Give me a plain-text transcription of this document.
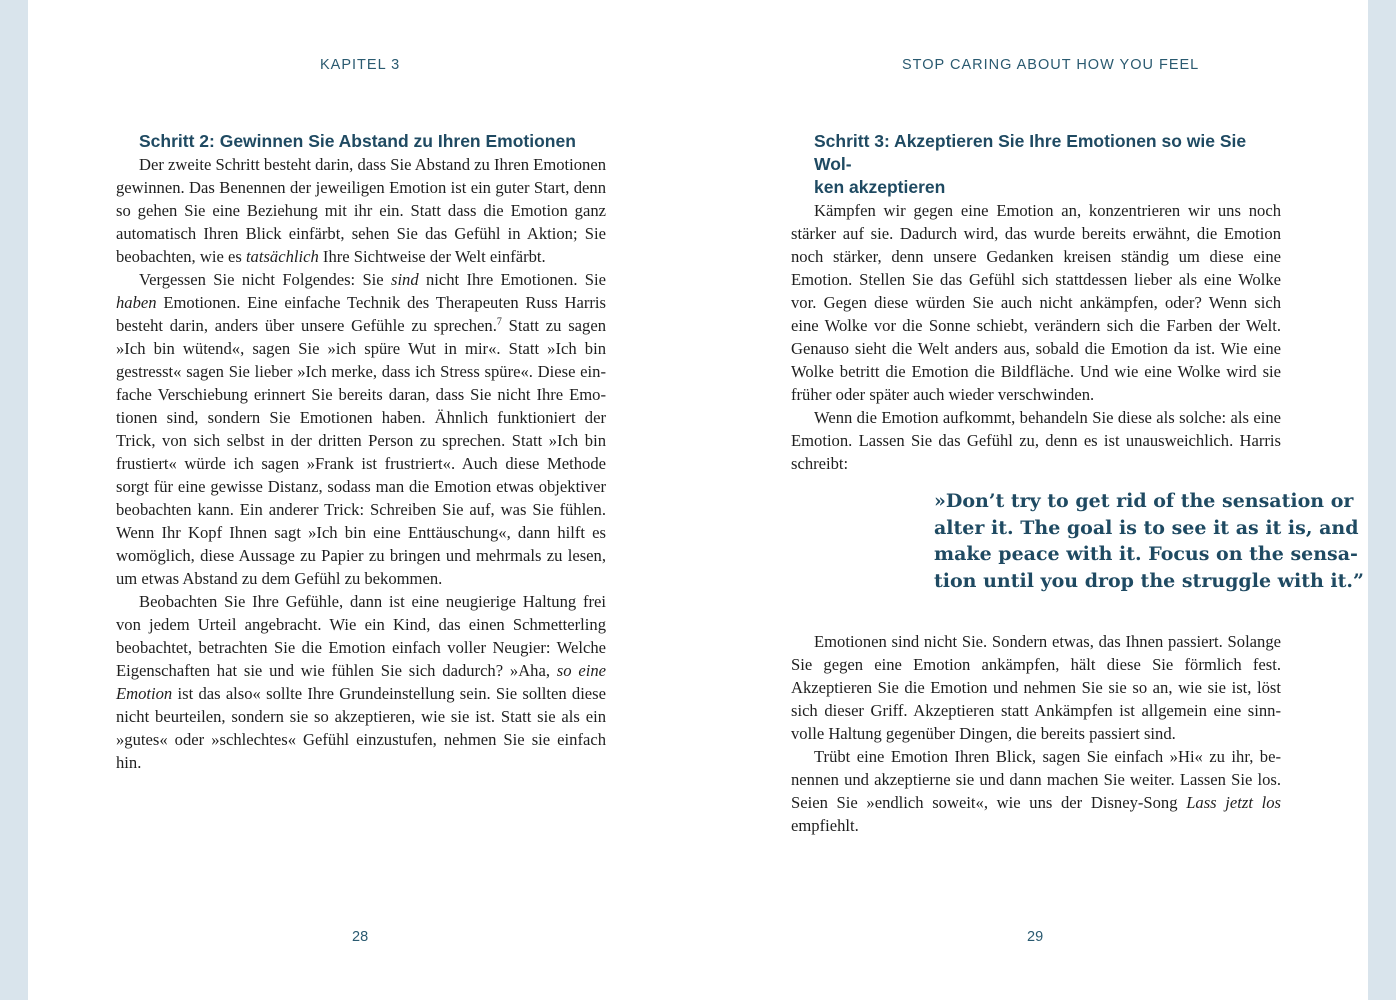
KAPITEL 3
Schritt 2: Gewinnen Sie Abstand zu Ihren Emotionen

Der zweite Schritt besteht darin, dass Sie Abstand zu Ihren Emotionen gewinnen. Das Benennen der jeweiligen Emotion ist ein guter Start, denn so gehen Sie eine Beziehung mit ihr ein. Statt dass die Emotion ganz automatisch Ihren Blick einfärbt, sehen Sie das Gefühl in Aktion; Sie beobachten, wie es tatsächlich Ihre Sichtweise der Welt einfärbt.

Vergessen Sie nicht Folgendes: Sie sind nicht Ihre Emotionen. Sie haben Emotionen. Eine einfache Technik des Therapeuten Russ Harris besteht darin, anders über unsere Gefühle zu sprechen.$^7$ Statt zu sagen »Ich bin wütend«, sagen Sie »ich spüre Wut in mir«. Statt »Ich bin gestresst« sagen Sie lieber »Ich merke, dass ich Stress spüre«. Diese einfache Verschiebung erinnert Sie bereits daran, dass Sie nicht Ihre Emotionen sind, sondern Sie Emotionen haben. Ähnlich funktioniert der Trick, von sich selbst in der dritten Person zu sprechen. Statt »Ich bin frustiert« würde ich sagen »Frank ist frustriert«. Auch diese Methode sorgt für eine gewisse Distanz, sodass man die Emotion etwas objektiver beobachten kann. Ein anderer Trick: Schreiben Sie auf, was Sie fühlen. Wenn Ihr Kopf Ihnen sagt »Ich bin eine Enttäuschung«, dann hilft es womöglich, diese Aussage zu Papier zu bringen und mehrmals zu lesen, um etwas Abstand zu dem Gefühl zu bekommen.

Beobachten Sie Ihre Gefühle, dann ist eine neugierige Haltung frei von jedem Urteil angebracht. Wie ein Kind, das einen Schmetterling beobachtet, betrachten Sie die Emotion einfach voller Neugier: Welche Eigenschaften hat sie und wie fühlen Sie sich dadurch? »Aha, so eine Emotion ist das also« sollte Ihre Grundeinstellung sein. Sie sollten diese nicht beurteilen, sondern sie so akzeptieren, wie sie ist. Statt sie als ein »gutes« oder »schlechtes« Gefühl einzustufen, nehmen Sie sie einfach hin.

28
STOP CARING ABOUT HOW YOU FEEL
Schritt 3: Akzeptieren Sie Ihre Emotionen so wie Sie Wol-
ken akzeptieren

Kämpfen wir gegen eine Emotion an, konzentrieren wir uns noch stärker auf sie. Dadurch wird, das wurde bereits erwähnt, die Emotion noch stärker, denn unsere Gedanken kreisen ständig um diese eine Emotion. Stellen Sie das Gefühl sich stattdessen lieber als eine Wolke vor. Gegen diese würden Sie auch nicht ankämpfen, oder? Wenn sich eine Wolke vor die Sonne schiebt, verändern sich die Farben der Welt. Genauso sieht die Welt anders aus, sobald die Emotion da ist. Wie eine Wolke betritt die Emotion die Bildfläche. Und wie eine Wolke wird sie früher oder später auch wieder verschwinden.

Wenn die Emotion aufkommt, behandeln Sie diese als solche: als eine Emotion. Lassen Sie das Gefühl zu, denn es ist unausweichlich. Harris schreibt:

»Don’t try to get rid of the sensation or
alter it. The goal is to see it as it is, and
make peace with it. Focus on the sensa-
tion until you drop the struggle with it.”

Emotionen sind nicht Sie. Sondern etwas, das Ihnen passiert. Solange Sie gegen eine Emotion ankämpfen, hält diese Sie förmlich fest. Akzeptieren Sie die Emotion und nehmen Sie sie so an, wie sie ist, löst sich dieser Griff. Akzeptieren statt Ankämpfen ist allgemein eine sinnvolle Haltung gegenüber Dingen, die bereits passiert sind.

Trübt eine Emotion Ihren Blick, sagen Sie einfach »Hi« zu ihr, benennen und akzeptierne sie und dann machen Sie weiter. Lassen Sie los. Seien Sie »endlich soweit«, wie uns der Disney-Song Lass jetzt los empfiehlt.

29
